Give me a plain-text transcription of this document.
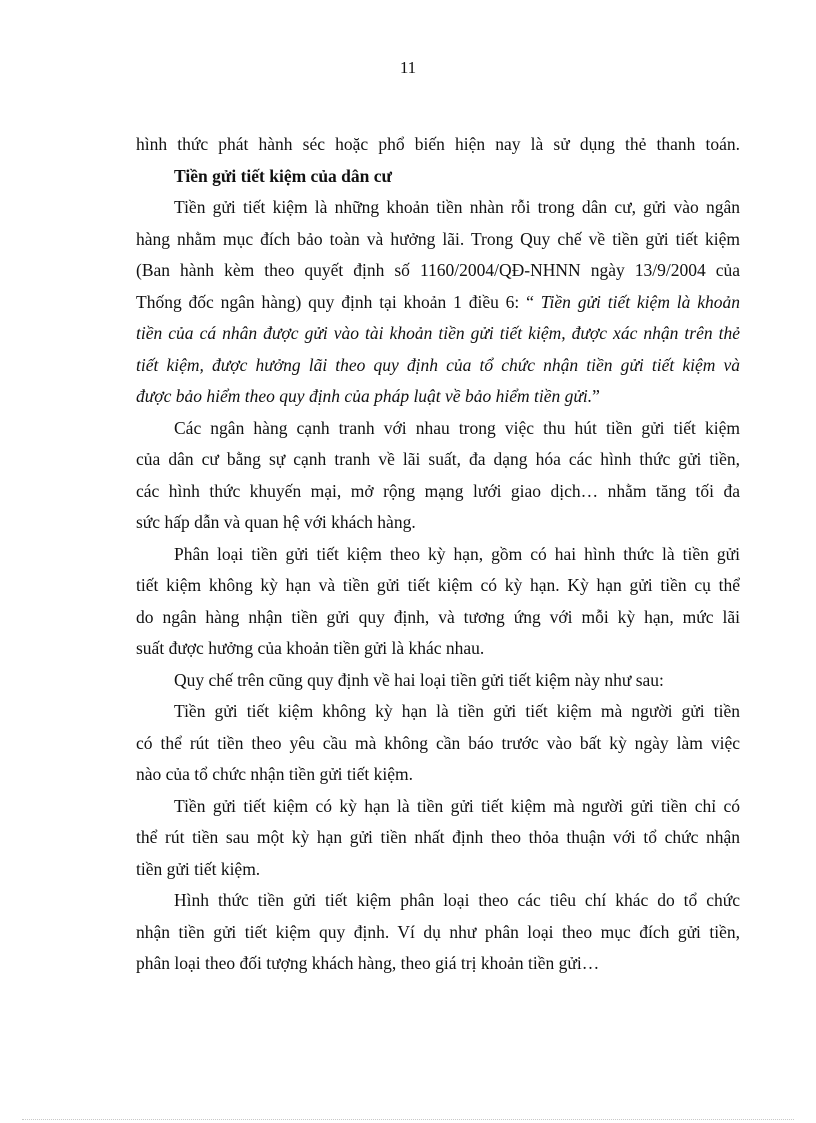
11
hình thức phát hành séc hoặc phổ biến hiện nay là sử dụng thẻ thanh toán.
Tiền gửi tiết kiệm của dân cư
Tiền gửi tiết kiệm là những khoản tiền nhàn rỗi trong dân cư, gửi vào ngân
hàng nhằm mục đích bảo toàn và hưởng lãi. Trong Quy chế về tiền gửi tiết kiệm
(Ban hành kèm theo quyết định số 1160/2004/QĐ-NHNN ngày 13/9/2004 của
Thống đốc ngân hàng) quy định tại khoản 1 điều 6: “ Tiền gửi tiết kiệm là khoản
tiền của cá nhân được gửi vào tài khoản tiền gửi tiết kiệm, được xác nhận trên thẻ
tiết kiệm, được hưởng lãi theo quy định của tổ chức nhận tiền gửi tiết kiệm và
được bảo hiểm theo quy định của pháp luật về bảo hiểm tiền gửi.”
Các ngân hàng cạnh tranh với nhau trong việc thu hút tiền gửi tiết kiệm
của dân cư bằng sự cạnh tranh về lãi suất, đa dạng hóa các hình thức gửi tiền,
các hình thức khuyến mại, mở rộng mạng lưới giao dịch… nhằm tăng tối đa
sức hấp dẫn và quan hệ với khách hàng.
Phân loại tiền gửi tiết kiệm theo kỳ hạn, gồm có hai hình thức là tiền gửi
tiết kiệm không kỳ hạn và tiền gửi tiết kiệm có kỳ hạn. Kỳ hạn gửi tiền cụ thể
do ngân hàng nhận tiền gửi quy định, và tương ứng với mỗi kỳ hạn, mức lãi
suất được hưởng của khoản tiền gửi là khác nhau.
Quy chế trên cũng quy định về hai loại tiền gửi tiết kiệm này như sau:
Tiền gửi tiết kiệm không kỳ hạn là tiền gửi tiết kiệm mà người gửi tiền
có thể rút tiền theo yêu cầu mà không cần báo trước vào bất kỳ ngày làm việc
nào của tổ chức nhận tiền gửi tiết kiệm.
Tiền gửi tiết kiệm có kỳ hạn là tiền gửi tiết kiệm mà người gửi tiền chỉ có
thể rút tiền sau một kỳ hạn gửi tiền nhất định theo thỏa thuận với tổ chức nhận
tiền gửi tiết kiệm.
Hình thức tiền gửi tiết kiệm phân loại theo các tiêu chí khác do tổ chức
nhận tiền gửi tiết kiệm quy định. Ví dụ như phân loại theo mục đích gửi tiền,
phân loại theo đối tượng khách hàng, theo giá trị khoản tiền gửi…
